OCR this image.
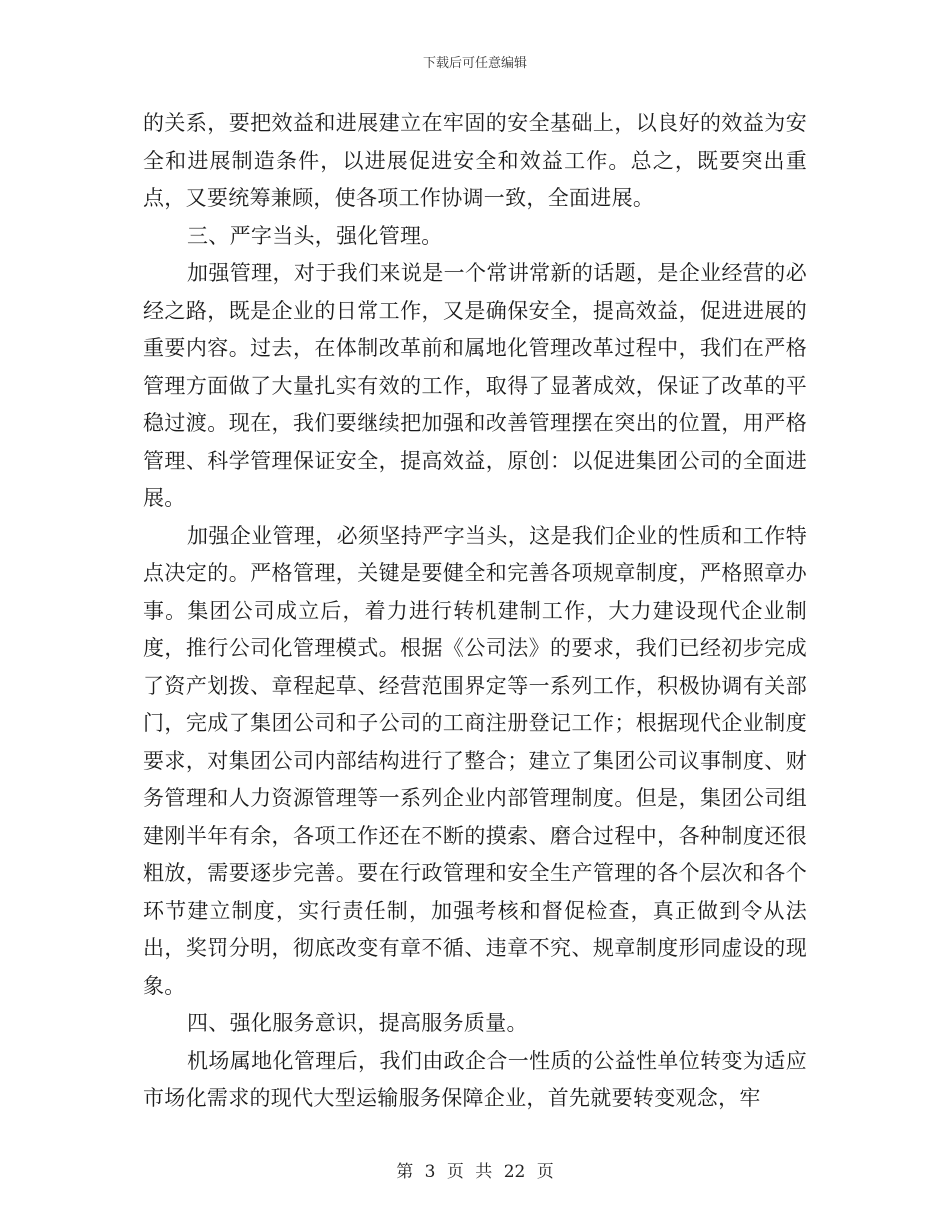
下载后可任意编辑

的关系，要把效益和进展建立在牢固的安全基础上，以良好的效益为安全和进展制造条件，以进展促进安全和效益工作。总之，既要突出重点，又要统筹兼顾，使各项工作协调一致，全面进展。

三、严字当头，强化管理。

加强管理，对于我们来说是一个常讲常新的话题，是企业经营的必经之路，既是企业的日常工作，又是确保安全，提高效益，促进进展的重要内容。过去，在体制改革前和属地化管理改革过程中，我们在严格管理方面做了大量扎实有效的工作，取得了显著成效，保证了改革的平稳过渡。现在，我们要继续把加强和改善管理摆在突出的位置，用严格管理、科学管理保证安全，提高效益，原创：以促进集团公司的全面进展。

加强企业管理，必须坚持严字当头，这是我们企业的性质和工作特点决定的。严格管理，关键是要健全和完善各项规章制度，严格照章办事。集团公司成立后，着力进行转机建制工作，大力建设现代企业制度，推行公司化管理模式。根据《公司法》的要求，我们已经初步完成了资产划拨、章程起草、经营范围界定等一系列工作，积极协调有关部门，完成了集团公司和子公司的工商注册登记工作；根据现代企业制度要求，对集团公司内部结构进行了整合；建立了集团公司议事制度、财务管理和人力资源管理等一系列企业内部管理制度。但是，集团公司组建刚半年有余，各项工作还在不断的摸索、磨合过程中，各种制度还很粗放，需要逐步完善。要在行政管理和安全生产管理的各个层次和各个环节建立制度，实行责任制，加强考核和督促检查，真正做到令从法出，奖罚分明，彻底改变有章不循、违章不究、规章制度形同虚设的现象。

四、强化服务意识，提高服务质量。

机场属地化管理后，我们由政企合一性质的公益性单位转变为适应市场化需求的现代大型运输服务保障企业，首先就要转变观念，牢

第 3 页 共 22 页
